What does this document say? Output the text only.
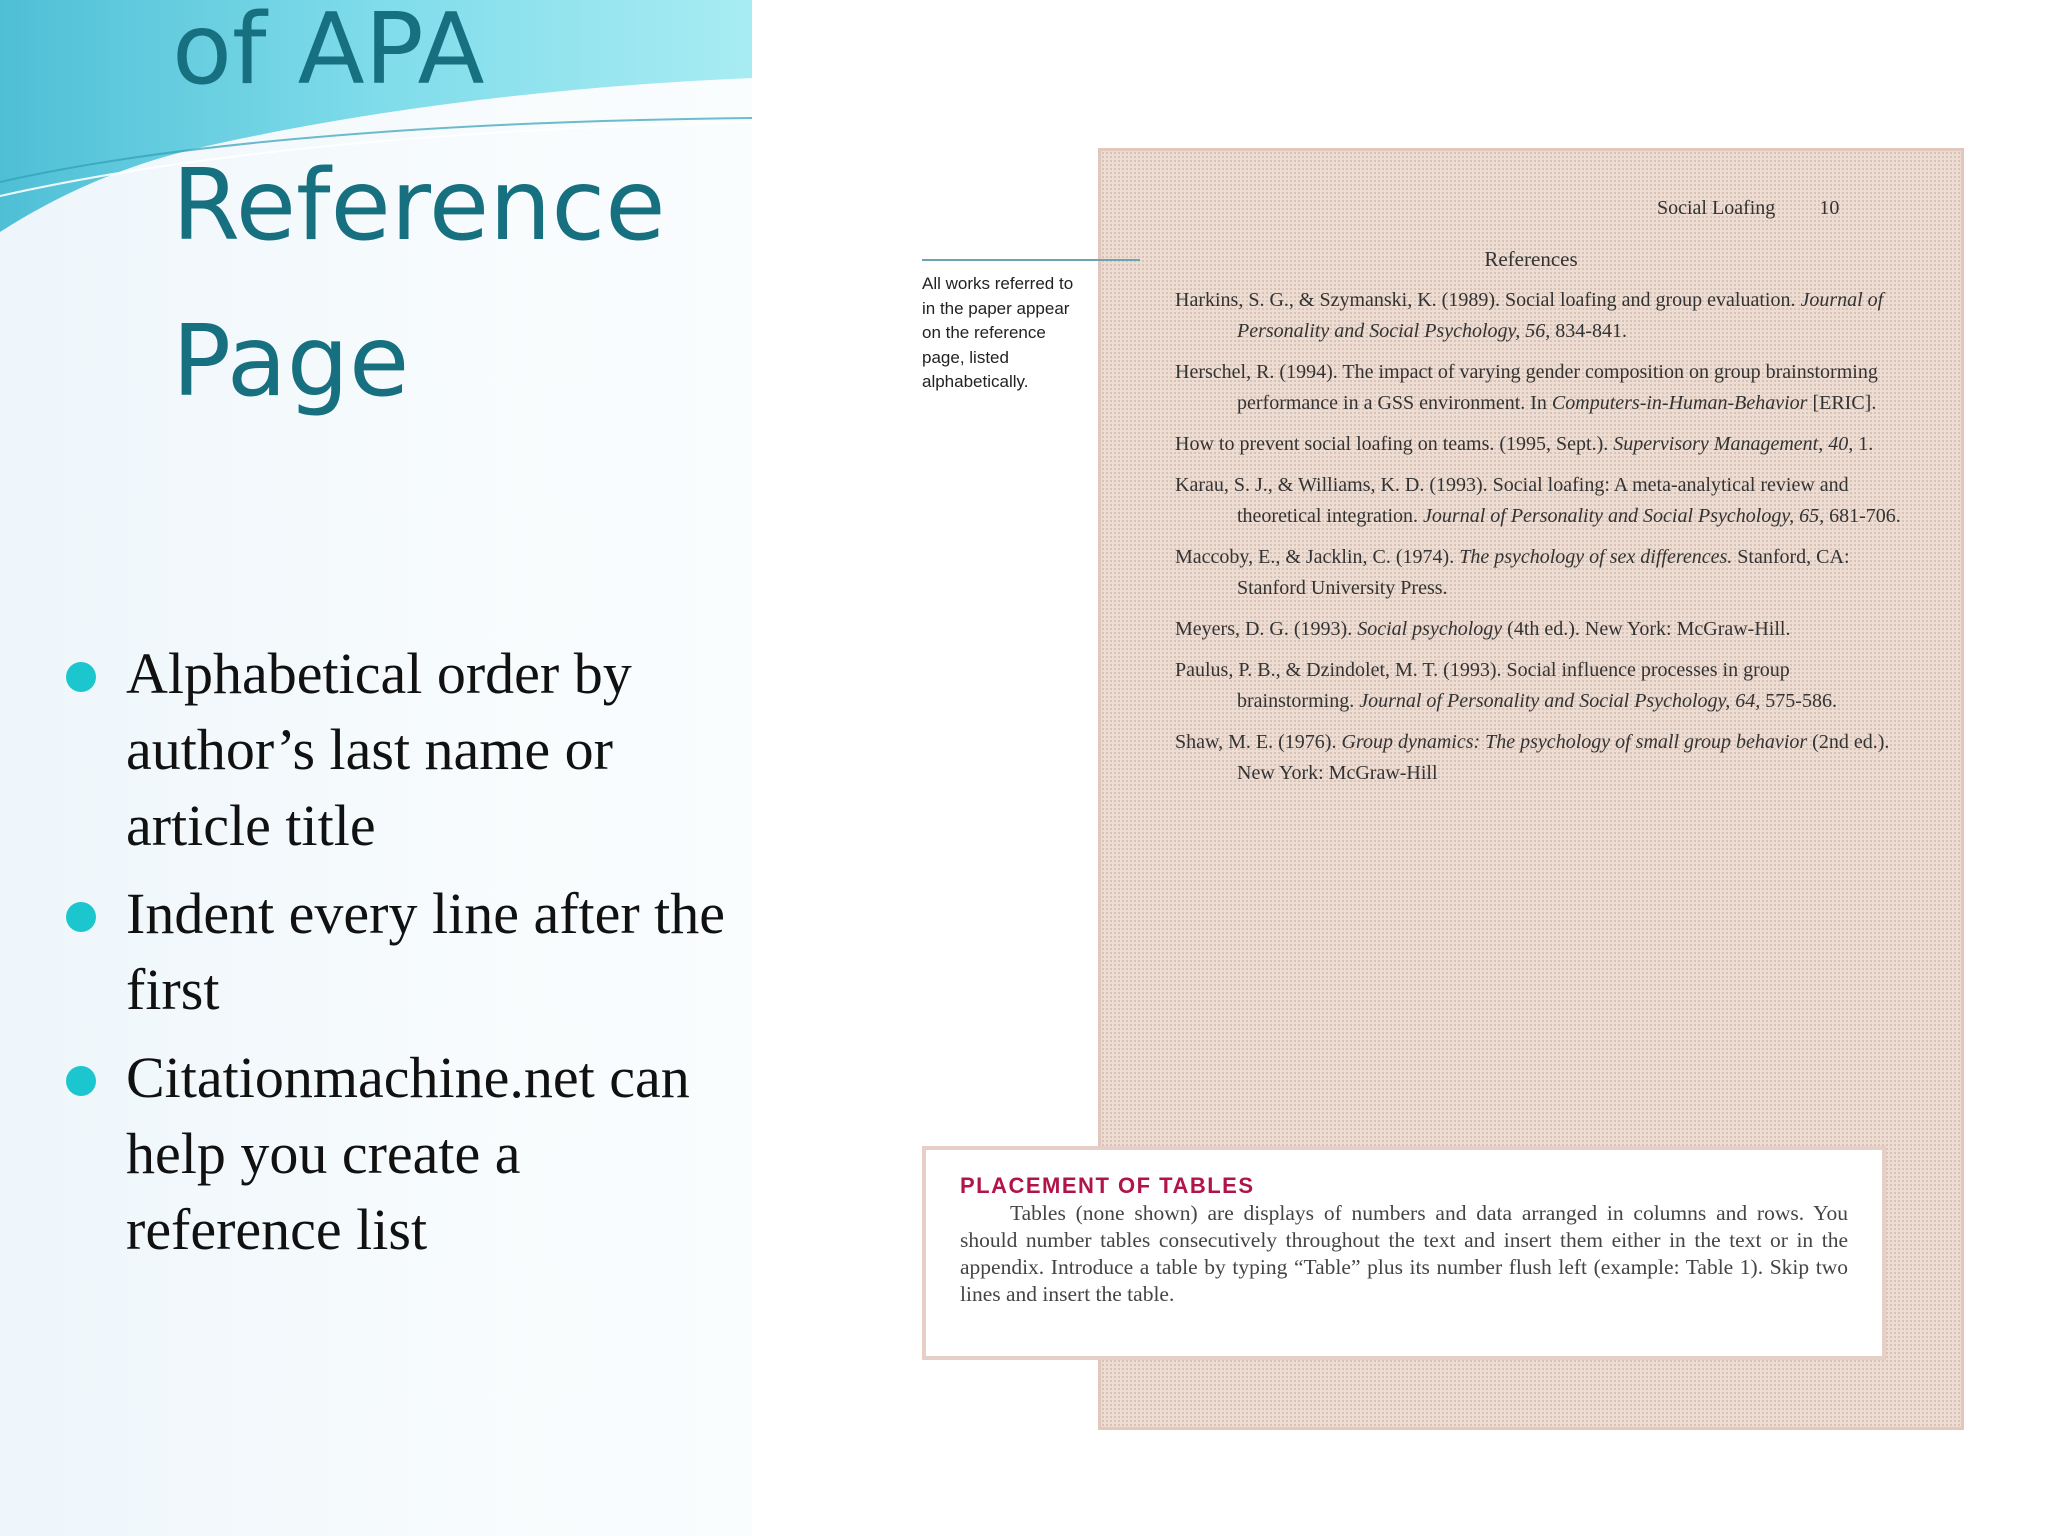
of APA
Reference
Page
Alphabetical order by author’s last name or article title
Indent every line after the first
Citationmachine.net can help you create a reference list
Social Loafing 10
References
Harkins, S. G., & Szymanski, K. (1989). Social loafing and group evaluation. Journal of Personality and Social Psychology, 56, 834-841.
Herschel, R. (1994). The impact of varying gender composition on group brainstorming performance in a GSS environment. In Computers-in-Human-Behavior [ERIC].
How to prevent social loafing on teams. (1995, Sept.). Supervisory Management, 40, 1.
Karau, S. J., & Williams, K. D. (1993). Social loafing: A meta-analytical review and theoretical integration. Journal of Personality and Social Psychology, 65, 681-706.
Maccoby, E., & Jacklin, C. (1974). The psychology of sex differences. Stanford, CA: Stanford University Press.
Meyers, D. G. (1993). Social psychology (4th ed.). New York: McGraw-Hill.
Paulus, P. B., & Dzindolet, M. T. (1993). Social influence processes in group brainstorming. Journal of Personality and Social Psychology, 64, 575-586.
Shaw, M. E. (1976). Group dynamics: The psychology of small group behavior (2nd ed.). New York: McGraw-Hill
All works referred to in the paper appear on the reference page, listed alphabetically.
PLACEMENT OF TABLES

Tables (none shown) are displays of numbers and data arranged in columns and rows. You should number tables consecutively throughout the text and insert them either in the text or in the appendix. Introduce a table by typing “Table” plus its number flush left (example: Table 1). Skip two lines and insert the table.
